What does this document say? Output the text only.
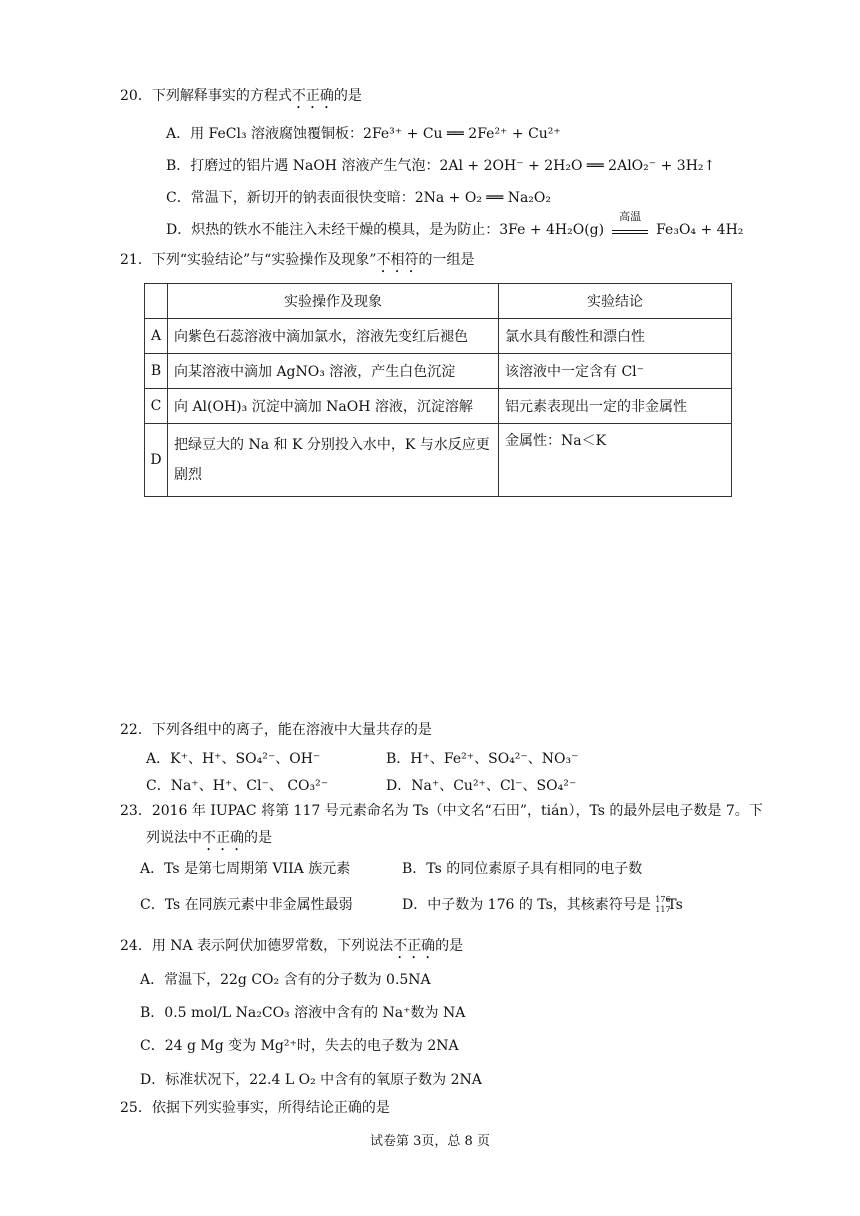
20．下列解释事实的方程式不正确的是
A．用 FeCl₃ 溶液腐蚀覆铜板：2Fe³⁺ + Cu ══ 2Fe²⁺ + Cu²⁺
B．打磨过的铝片遇 NaOH 溶液产生气泡：2Al + 2OH⁻ + 2H₂O ══ 2AlO₂⁻ + 3H₂↑
C．常温下，新切开的钠表面很快变暗：2Na + O₂ ══ Na₂O₂
D．炽热的铁水不能注入未经干燥的模具，是为防止：3Fe + 4H₂O(g)
高温
Fe₃O₄ + 4H₂
21．下列“实验结论”与“实验操作及现象”不相符的一组是
	实验操作及现象	实验结论
A	向紫色石蕊溶液中滴加氯水，溶液先变红后褪色	氯水具有酸性和漂白性
B	向某溶液中滴加 AgNO₃ 溶液，产生白色沉淀	该溶液中一定含有 Cl⁻
C	向 Al(OH)₃ 沉淀中滴加 NaOH 溶液，沉淀溶解	铝元素表现出一定的非金属性
D	把绿豆大的 Na 和 K 分别投入水中，K 与水反应更剧烈	金属性：Na＜K
22．下列各组中的离子，能在溶液中大量共存的是
A．K⁺、H⁺、SO₄²⁻、OH⁻	B．H⁺、Fe²⁺、SO₄²⁻、NO₃⁻
C．Na⁺、H⁺、Cl⁻、 CO₃²⁻	D．Na⁺、Cu²⁺、Cl⁻、SO₄²⁻
23．2016 年 IUPAC 将第 117 号元素命名为 Ts（中文名“石田”，tián），Ts 的最外层电子数是 7。下
列说法中不正确的是
A．Ts 是第七周期第 VIIA 族元素	B．Ts 的同位素原子具有相同的电子数
C．Ts 在同族元素中非金属性最弱	D．中子数为 176 的 Ts，其核素符号是 176
117
Ts
24．用 NA 表示阿伏加德罗常数，下列说法不正确的是
A．常温下，22g CO₂ 含有的分子数为 0.5NA
B．0.5 mol/L Na₂CO₃ 溶液中含有的 Na⁺数为 NA
C．24 g Mg 变为 Mg²⁺时，失去的电子数为 2NA
D．标准状况下，22.4 L O₂ 中含有的氧原子数为 2NA
25．依据下列实验事实，所得结论正确的是
试卷第 3页，总 8 页
